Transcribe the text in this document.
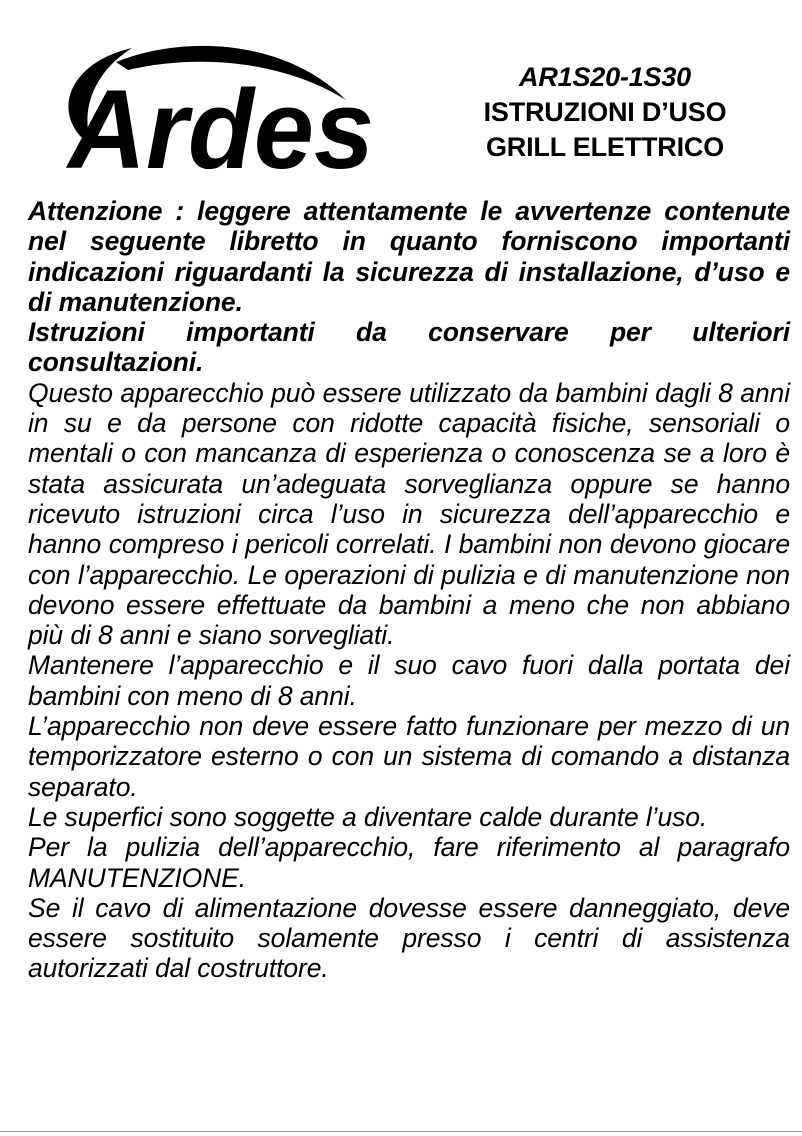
Ardes	AR1S20-1S30
ISTRUZIONI D’USO
GRILL ELETTRICO

Attenzione : leggere attentamente le avvertenze contenute nel seguente libretto in quanto forniscono importanti indicazioni riguardanti la sicurezza di installazione, d’uso e di manutenzione.

Istruzioni importanti da conservare per ulteriori consultazioni.

Questo apparecchio può essere utilizzato da bambini dagli 8 anni in su e da persone con ridotte capacità fisiche, sensoriali o mentali o con mancanza di esperienza o conoscenza se a loro è stata assicurata un’adeguata sorveglianza oppure se hanno ricevuto istruzioni circa l’uso in sicurezza dell’apparecchio e hanno compreso i pericoli correlati. I bambini non devono giocare con l’apparecchio. Le operazioni di pulizia e di manutenzione non devono essere effettuate da bambini a meno che non abbiano più di 8 anni e siano sorvegliati.

Mantenere l’apparecchio e il suo cavo fuori dalla portata dei bambini con meno di 8 anni.

L’apparecchio non deve essere fatto funzionare per mezzo di un temporizzatore esterno o con un sistema di comando a distanza separato.

Le superfici sono soggette a diventare calde durante l’uso.

Per la pulizia dell’apparecchio, fare riferimento al paragrafo MANUTENZIONE.

Se il cavo di alimentazione dovesse essere danneggiato, deve essere sostituito solamente presso i centri di assistenza autorizzati dal costruttore.
